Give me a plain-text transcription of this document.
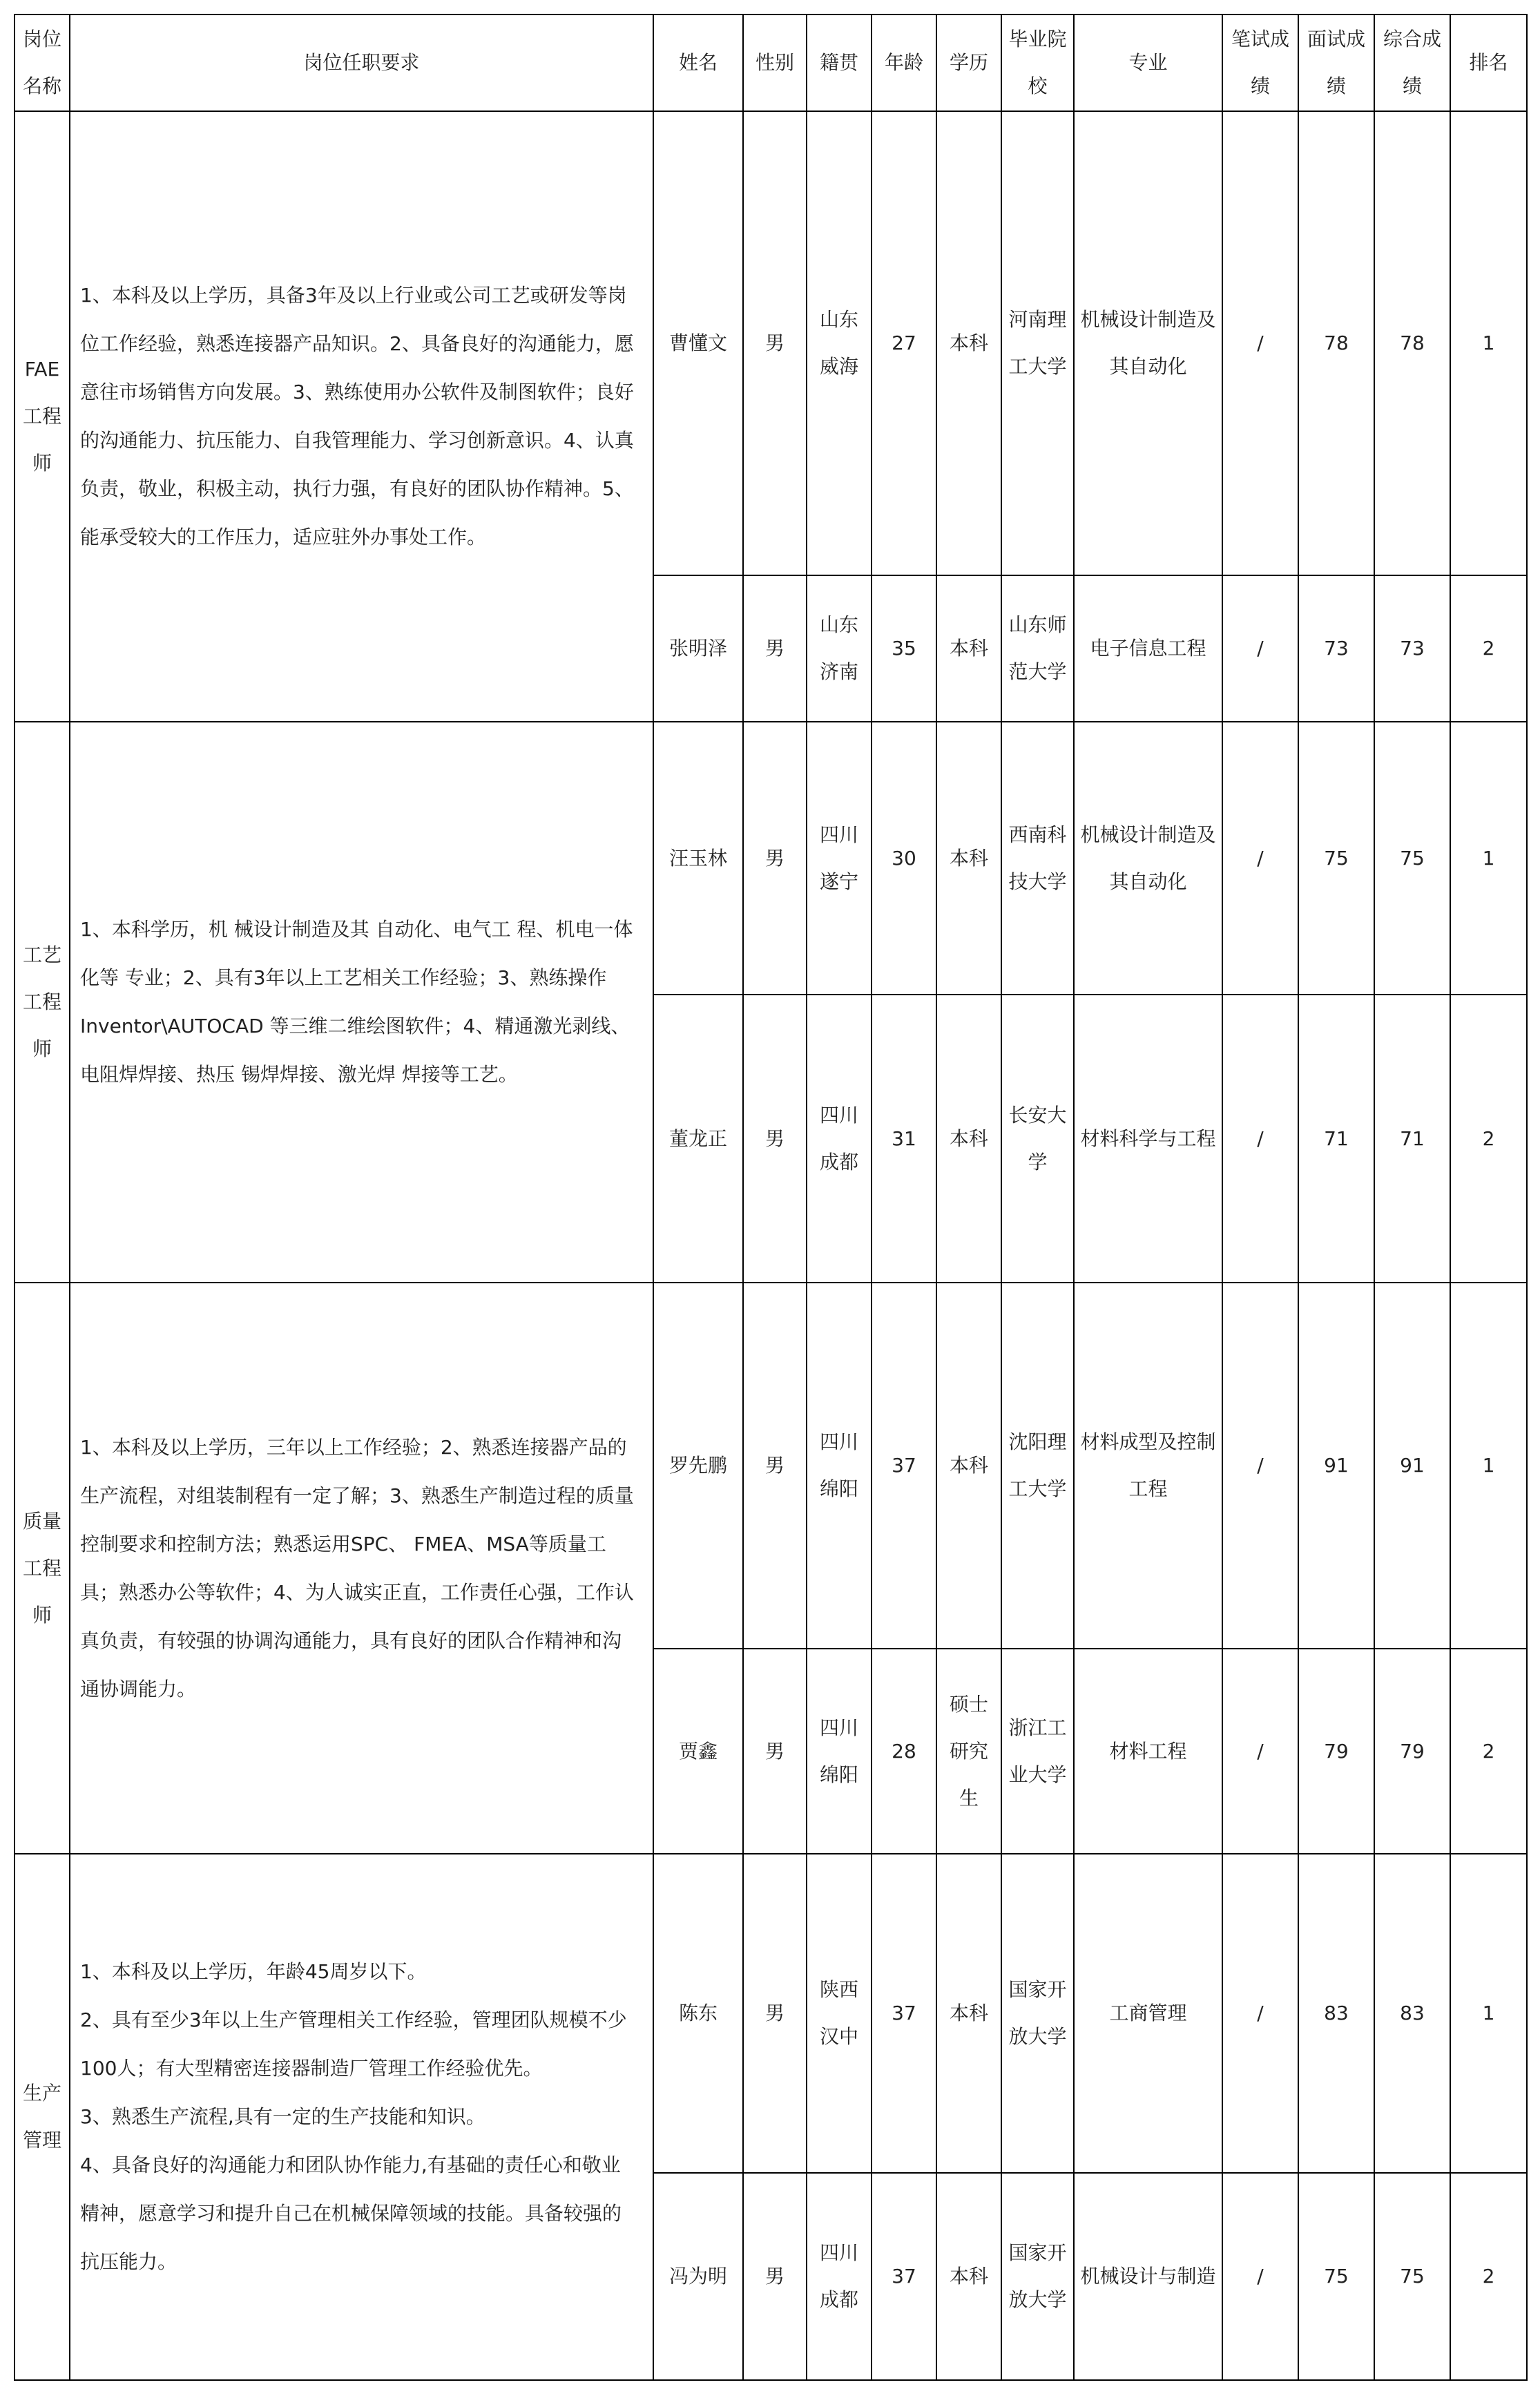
岗位名称	岗位任职要求	姓名	性别	籍贯	年龄	学历	毕业院校	专业	笔试成绩	面试成绩	综合成绩	排名
FAE工程师	1、本科及以上学历，具备3年及以上行业或公司工艺或研发等岗位工作经验，熟悉连接器产品知识。2、具备良好的沟通能力，愿意往市场销售方向发展。3、熟练使用办公软件及制图软件；良好的沟通能力、抗压能力、自我管理能力、学习创新意识。4、认真负责，敬业，积极主动，执行力强，有良好的团队协作精神。5、能承受较大的工作压力，适应驻外办事处工作。	曹懂文	男	山东威海	27	本科	河南理工大学	机械设计制造及其自动化	/	78	78	1
		张明泽	男	山东济南	35	本科	山东师范大学	电子信息工程	/	73	73	2
工艺工程师	1、本科学历，机 械设计制造及其 自动化、电气工 程、机电一体化等 专业；2、具有3年以上工艺相关工作经验；3、熟练操作 Inventor\AUTOCAD 等三维二维绘图软件；4、精通激光剥线、 电阻焊焊接、热压 锡焊焊接、激光焊 焊接等工艺。	汪玉林	男	四川遂宁	30	本科	西南科技大学	机械设计制造及其自动化	/	75	75	1
		董龙正	男	四川成都	31	本科	长安大学	材料科学与工程	/	71	71	2
质量工程师	1、本科及以上学历，三年以上工作经验；2、熟悉连接器产品的生产流程，对组装制程有一定了解；3、熟悉生产制造过程的质量控制要求和控制方法；熟悉运用SPC、 FMEA、MSA等质量工具；熟悉办公等软件；4、为人诚实正直，工作责任心强，工作认真负责，有较强的协调沟通能力，具有良好的团队合作精神和沟通协调能力。	罗先鹏	男	四川绵阳	37	本科	沈阳理工大学	材料成型及控制工程	/	91	91	1
		贾鑫	男	四川绵阳	28	硕士研究生	浙江工业大学	材料工程	/	79	79	2
生产管理	1、本科及以上学历，年龄45周岁以下。
2、具有至少3年以上生产管理相关工作经验，管理团队规模不少100人；有大型精密连接器制造厂管理工作经验优先。
3、熟悉生产流程,具有一定的生产技能和知识。
4、具备良好的沟通能力和团队协作能力,有基础的责任心和敬业精神，愿意学习和提升自己在机械保障领域的技能。具备较强的抗压能力。	陈东	男	陕西汉中	37	本科	国家开放大学	工商管理	/	83	83	1
		冯为明	男	四川成都	37	本科	国家开放大学	机械设计与制造	/	75	75	2
